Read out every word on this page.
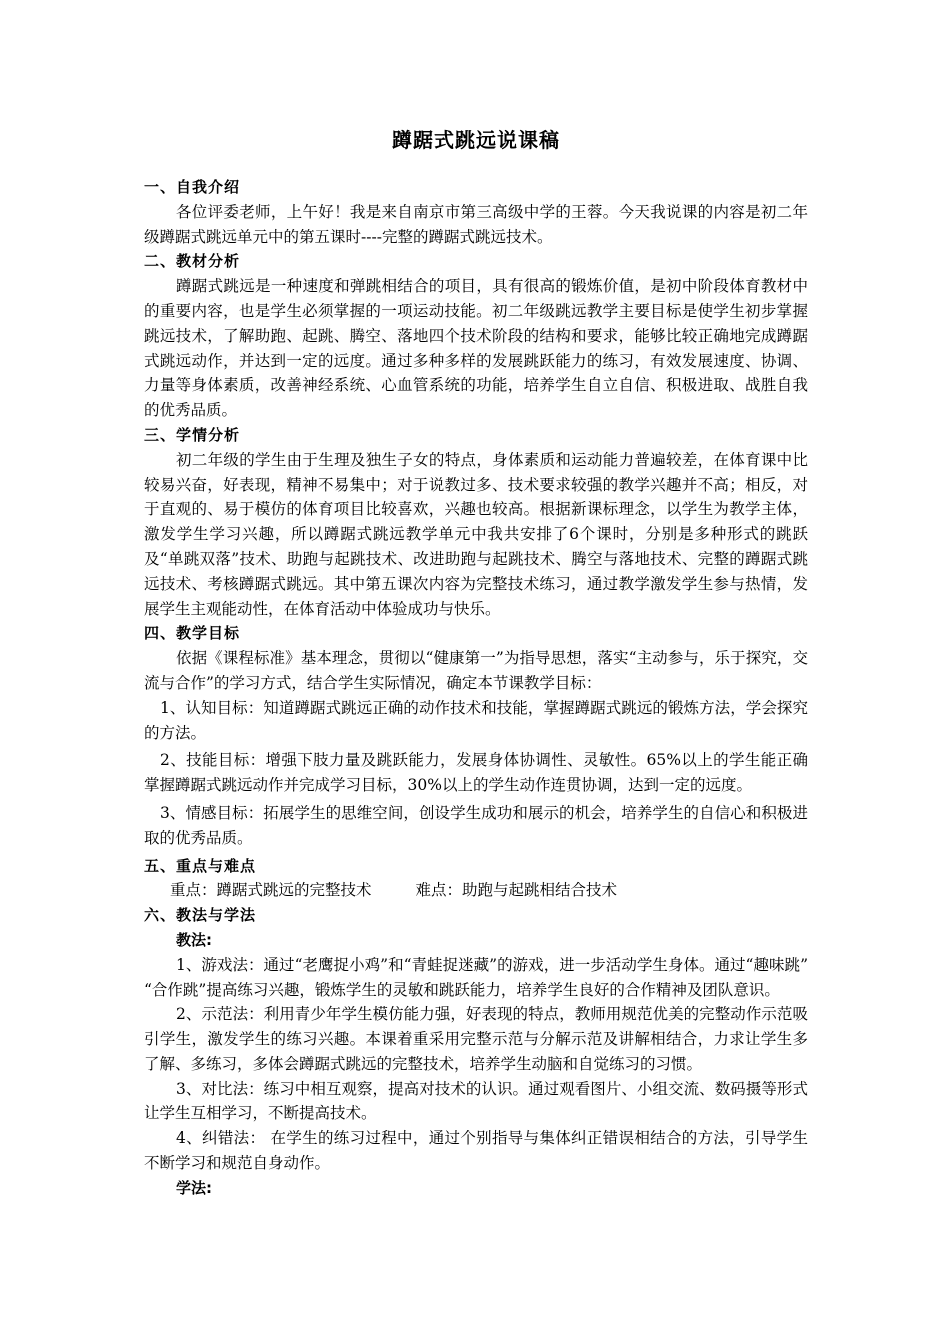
蹲踞式跳远说课稿
一、自我介绍

各位评委老师，上午好！我是来自南京市第三高级中学的王蓉。今天我说课的内容是初二年级蹲踞式跳远单元中的第五课时----完整的蹲踞式跳远技术。

二、教材分析

蹲踞式跳远是一种速度和弹跳相结合的项目，具有很高的锻炼价值，是初中阶段体育教材中的重要内容，也是学生必须掌握的一项运动技能。初二年级跳远教学主要目标是使学生初步掌握跳远技术，了解助跑、起跳、腾空、落地四个技术阶段的结构和要求，能够比较正确地完成蹲踞式跳远动作，并达到一定的远度。通过多种多样的发展跳跃能力的练习，有效发展速度、协调、力量等身体素质，改善神经系统、心血管系统的功能，培养学生自立自信、积极进取、战胜自我的优秀品质。

三、学情分析

初二年级的学生由于生理及独生子女的特点，身体素质和运动能力普遍较差，在体育课中比较易兴奋，好表现，精神不易集中；对于说教过多、技术要求较强的教学兴趣并不高；相反，对于直观的、易于模仿的体育项目比较喜欢，兴趣也较高。根据新课标理念，以学生为教学主体，激发学生学习兴趣，所以蹲踞式跳远教学单元中我共安排了6个课时，分别是多种形式的跳跃及“单跳双落”技术、助跑与起跳技术、改进助跑与起跳技术、腾空与落地技术、完整的蹲踞式跳远技术、考核蹲踞式跳远。其中第五课次内容为完整技术练习，通过教学激发学生参与热情，发展学生主观能动性，在体育活动中体验成功与快乐。

四、教学目标

依据《课程标准》基本理念，贯彻以“健康第一”为指导思想，落实“主动参与，乐于探究，交流与合作”的学习方式，结合学生实际情况，确定本节课教学目标：

1、认知目标：知道蹲踞式跳远正确的动作技术和技能，掌握蹲踞式跳远的锻炼方法，学会探究的方法。

2、技能目标：增强下肢力量及跳跃能力，发展身体协调性、灵敏性。65%以上的学生能正确掌握蹲踞式跳远动作并完成学习目标，30%以上的学生动作连贯协调，达到一定的远度。

3、情感目标：拓展学生的思维空间，创设学生成功和展示的机会，培养学生的自信心和积极进取的优秀品质。

五、重点与难点
重点：蹲踞式跳远的完整技术	难点：助跑与起跳相结合技术
六、教法与学法
教法:

1、游戏法：通过“老鹰捉小鸡”和“青蛙捉迷藏”的游戏，进一步活动学生身体。通过“趣味跳” “合作跳”提高练习兴趣，锻炼学生的灵敏和跳跃能力，培养学生良好的合作精神及团队意识。

2、示范法：利用青少年学生模仿能力强，好表现的特点，教师用规范优美的完整动作示范吸引学生，激发学生的练习兴趣。本课着重采用完整示范与分解示范及讲解相结合，力求让学生多了解、多练习，多体会蹲踞式跳远的完整技术，培养学生动脑和自觉练习的习惯。

3、对比法：练习中相互观察，提高对技术的认识。通过观看图片、小组交流、数码摄等形式让学生互相学习，不断提高技术。

4、纠错法： 在学生的练习过程中，通过个别指导与集体纠正错误相结合的方法，引导学生不断学习和规范自身动作。

学法:
